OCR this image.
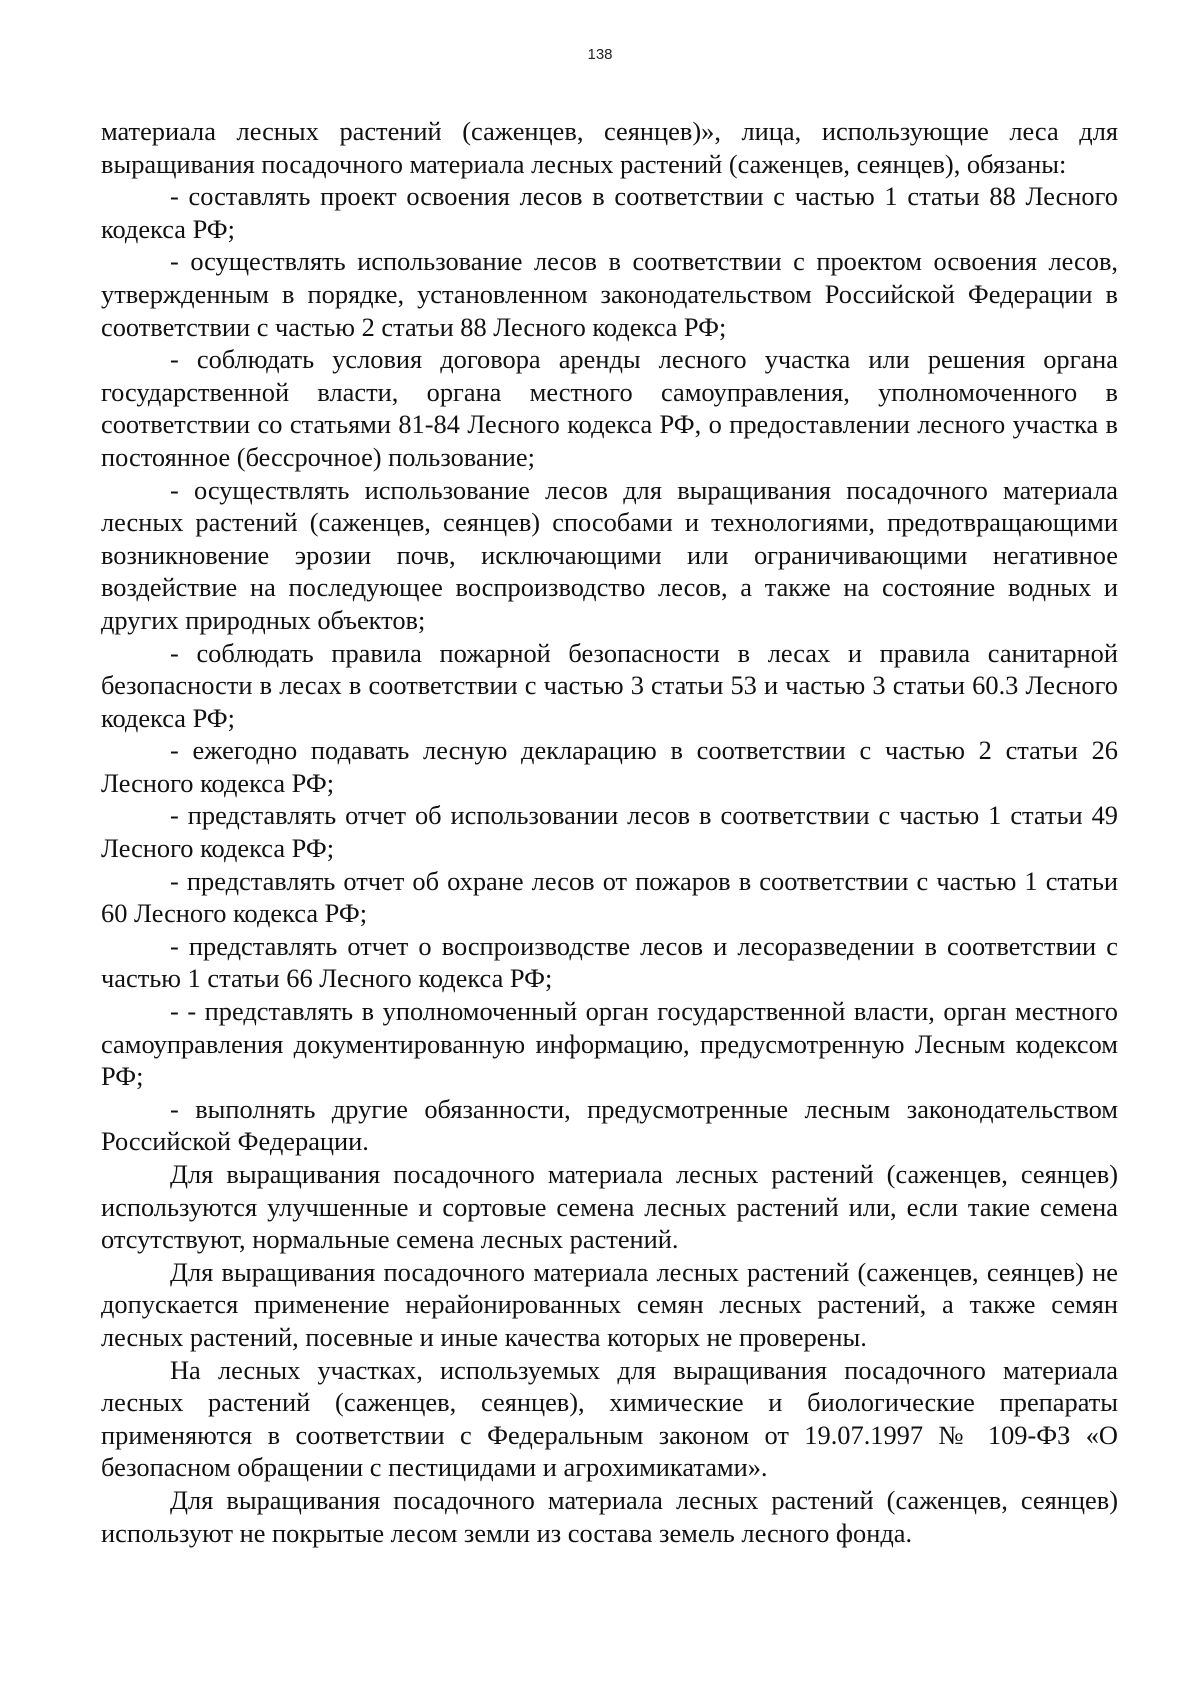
138

материала лесных растений (саженцев, сеянцев)», лица, использующие леса для выращивания посадочного материала лесных растений (саженцев, сеянцев), обязаны:

- составлять проект освоения лесов в соответствии с частью 1 статьи 88 Лесного кодекса РФ;

- осуществлять использование лесов в соответствии с проектом освоения лесов, утвержденным в порядке, установленном законодательством Российской Федерации в соответствии с частью 2 статьи 88 Лесного кодекса РФ;

- соблюдать условия договора аренды лесного участка или решения органа государственной власти, органа местного самоуправления, уполномоченного в соответствии со статьями 81-84 Лесного кодекса РФ, о предоставлении лесного участка в постоянное (бессрочное) пользование;

- осуществлять использование лесов для выращивания посадочного материала лесных растений (саженцев, сеянцев) способами и технологиями, предотвращающими возникновение эрозии почв, исключающими или ограничивающими негативное воздействие на последующее воспроизводство лесов, а также на состояние водных и других природных объектов;

- соблюдать правила пожарной безопасности в лесах и правила санитарной безопасности в лесах в соответствии с частью 3 статьи 53 и частью 3 статьи 60.3 Лесного кодекса РФ;

- ежегодно подавать лесную декларацию в соответствии с частью 2 статьи 26 Лесного кодекса РФ;

- представлять отчет об использовании лесов в соответствии с частью 1 статьи 49 Лесного кодекса РФ;

- представлять отчет об охране лесов от пожаров в соответствии с частью 1 статьи 60 Лесного кодекса РФ;

- представлять отчет о воспроизводстве лесов и лесоразведении в соответствии с частью 1 статьи 66 Лесного кодекса РФ;

- - представлять в уполномоченный орган государственной власти, орган местного самоуправления документированную информацию, предусмотренную Лесным кодексом РФ;

- выполнять другие обязанности, предусмотренные лесным законодательством Российской Федерации.

Для выращивания посадочного материала лесных растений (саженцев, сеянцев) используются улучшенные и сортовые семена лесных растений или, если такие семена отсутствуют, нормальные семена лесных растений.

Для выращивания посадочного материала лесных растений (саженцев, сеянцев) не допускается применение нерайонированных семян лесных растений, а также семян лесных растений, посевные и иные качества которых не проверены.

На лесных участках, используемых для выращивания посадочного материала лесных растений (саженцев, сеянцев), химические и биологические препараты применяются в соответствии с Федеральным законом от 19.07.1997 № 109-ФЗ «О безопасном обращении с пестицидами и агрохимикатами».

Для выращивания посадочного материала лесных растений (саженцев, сеянцев) используют не покрытые лесом земли из состава земель лесного фонда.
